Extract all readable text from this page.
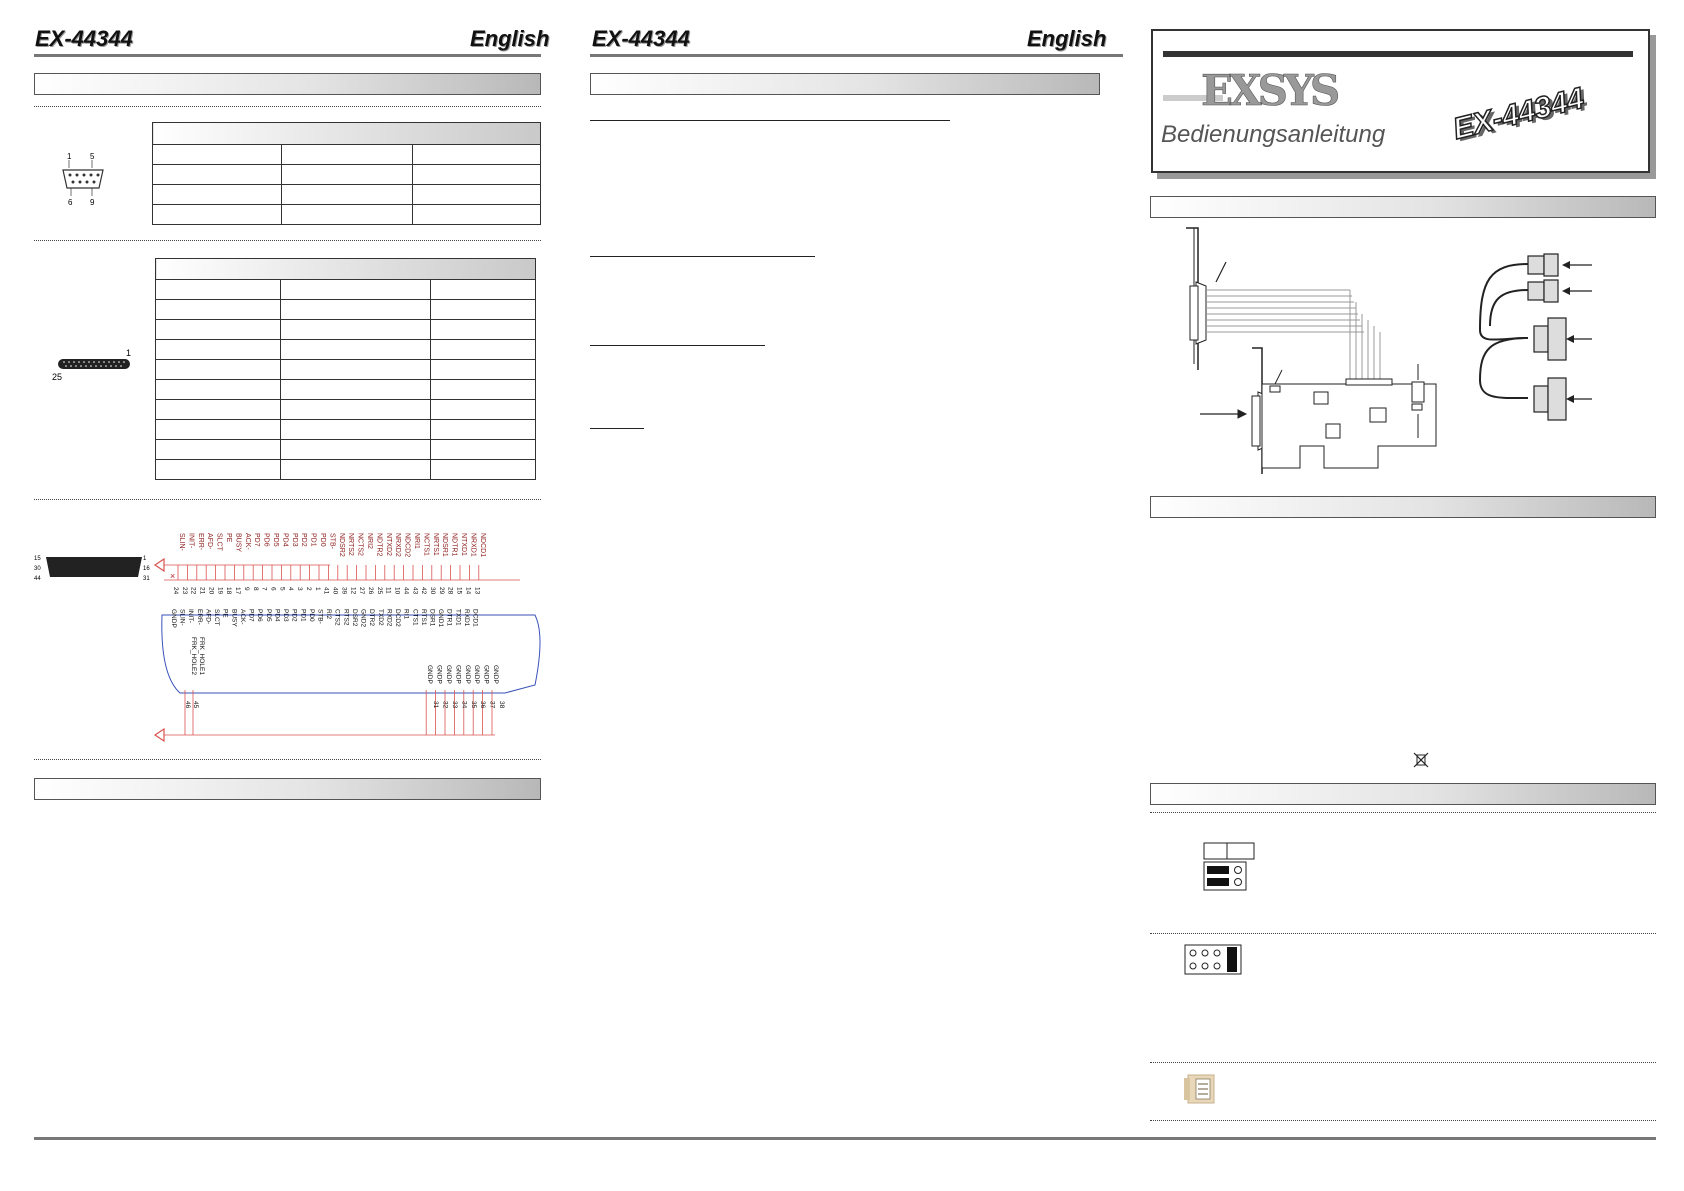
EX-44344	English
1 5
6 9

1
25

15
30
44
1
16
31 ×
SLIN- INIT- ERR- AFD- SLCT PE BUSY ACK- PD7 PD6 PD5 PD4 PD3 PD2 PD1 PD0 STB- NDSR2 NRTS2 NCTS2 NRI2 NDTR2 NTXD2 NRXD2 NDCD2 NRI1 NCTS1 NRTS1 NDSR1 NDTR1 NTXD1 NRXD1 NDCD1
24 23 22 21 20 19 18 17 9 8 7 6 5 4 3 2 1 41 40 39 12 27 26 25 11 10 44 43 42 30 29 28 15 14 13
GNDP SLIN- INIT- ERR- AFD- SLCT PE BUSY ACK- PD7 PD6 PD5 PD4 PD3 PD2 PD1 PD0 STB- RI2 CTS2 RTS2 DSR2 GND2 DTR2 TXD2 RXD2 DCD2 RI1 CTS1 RTS1 DSR1 GND1 DTR1 TXD1 RXD1 DCD1
FRK_HOLE1
FRK_HOLE2	GNDP
GNDP
GNDP
GNDP
GNDP
GNDP
GNDP
GNDP
45
46	38
37
36
35
34
33
32
31
EX-44344	English
EXSYS
Bedienungsanleitung EX-44344
